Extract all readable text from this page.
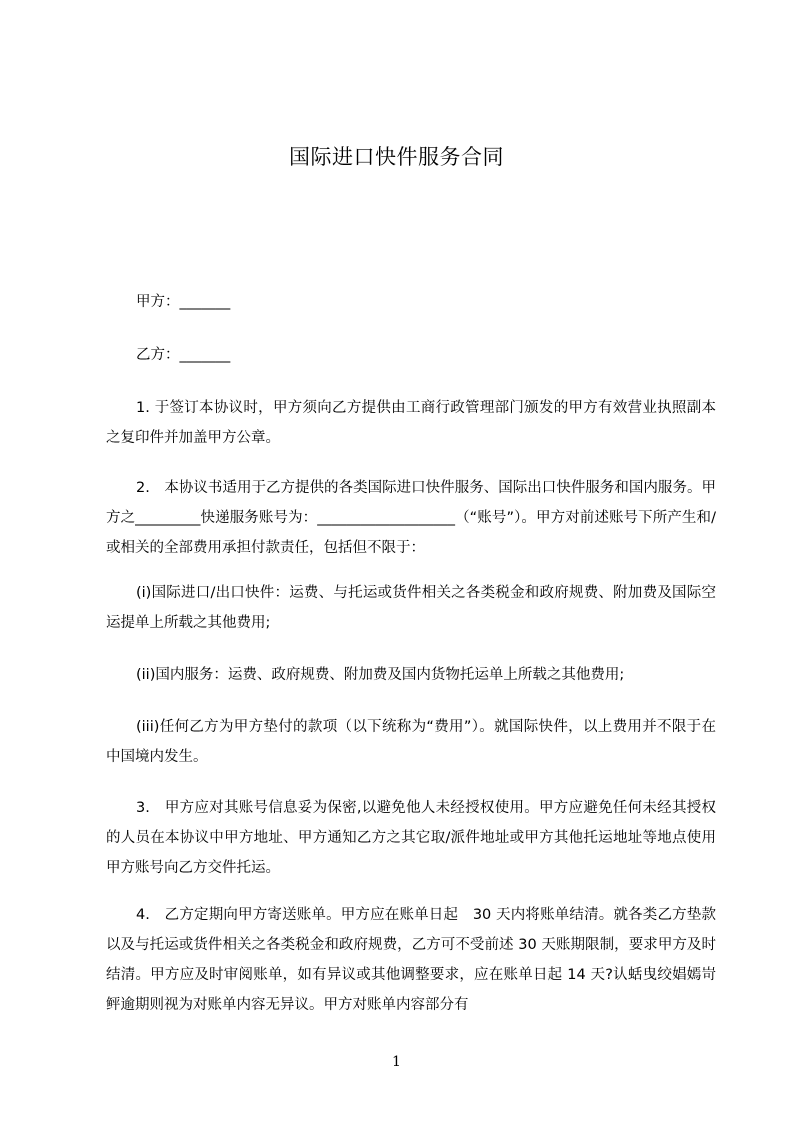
国际进口快件服务合同
甲方：_______
乙方：_______
1. 于签订本协议时，甲方须向乙方提供由工商行政管理部门颁发的甲方有效营业执照副本之复印件并加盖甲方公章。
2.　本协议书适用于乙方提供的各类国际进口快件服务、国际出口快件服务和国内服务。甲方之_________快递服务账号为：___________________（“账号”）。甲方对前述账号下所产生和/或相关的全部费用承担付款责任，包括但不限于：
(i)国际进口/出口快件：运费、与托运或货件相关之各类税金和政府规费、附加费及国际空运提单上所载之其他费用;
(ii)国内服务：运费、政府规费、附加费及国内货物托运单上所载之其他费用;
(iii)任何乙方为甲方垫付的款项（以下统称为“费用”）。就国际快件，以上费用并不限于在中国境内发生。
3.　甲方应对其账号信息妥为保密,以避免他人未经授权使用。甲方应避免任何未经其授权的人员在本协议中甲方地址、甲方通知乙方之其它取/派件地址或甲方其他托运地址等地点使用甲方账号向乙方交件托运。
4.　乙方定期向甲方寄送账单。甲方应在账单日起　30 天内将账单结清。就各类乙方垫款以及与托运或货件相关之各类税金和政府规费，乙方可不受前述 30 天账期限制，要求甲方及时结清。甲方应及时审阅账单，如有异议或其他调整要求，应在账单日起 14 天?认蛞曳绞娼嫣岢鲆逾期则视为对账单内容无异议。甲方对账单内容部分有
1
